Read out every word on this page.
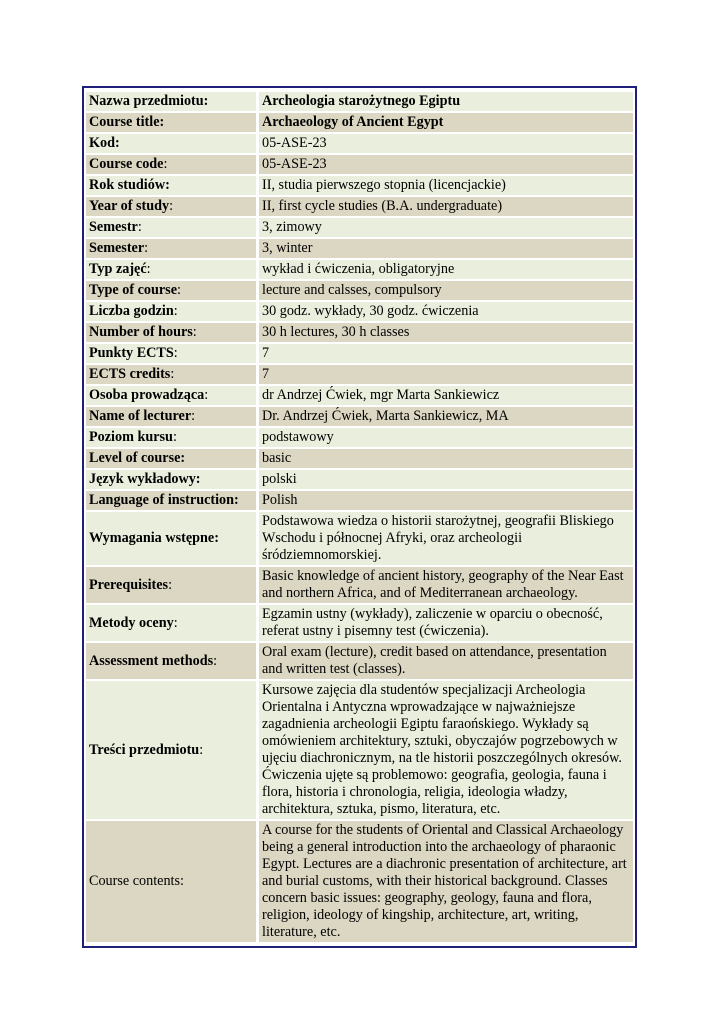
Nazwa przedmiotu:	Archeologia starożytnego Egiptu
Course title:	Archaeology of Ancient Egypt
Kod:	05-ASE-23
Course code:	05-ASE-23
Rok studiów:	II, studia pierwszego stopnia (licencjackie)
Year of study:	II, first cycle studies (B.A. undergraduate)
Semestr:	3, zimowy
Semester:	3, winter
Typ zajęć:	wykład i ćwiczenia, obligatoryjne
Type of course:	lecture and calsses, compulsory
Liczba godzin:	30 godz. wykłady, 30 godz. ćwiczenia
Number of hours:	30 h lectures, 30 h classes
Punkty ECTS:	7
ECTS credits:	7
Osoba prowadząca:	dr Andrzej Ćwiek, mgr Marta Sankiewicz
Name of lecturer:	Dr. Andrzej Ćwiek, Marta Sankiewicz, MA
Poziom kursu:	podstawowy
Level of course:	basic
Język wykładowy:	polski
Language of instruction:	Polish
Wymagania wstępne:	Podstawowa wiedza o historii starożytnej, geografii Bliskiego Wschodu i północnej Afryki, oraz archeologii śródziemnomorskiej.
Prerequisites:	Basic knowledge of ancient history, geography of the Near East and northern Africa, and of Mediterranean archaeology.
Metody oceny:	Egzamin ustny (wykłady), zaliczenie w oparciu o obecność, referat ustny i pisemny test (ćwiczenia).
Assessment methods:	Oral exam (lecture), credit based on attendance, presentation and written test (classes).
Treści przedmiotu:	Kursowe zajęcia dla studentów specjalizacji Archeologia Orientalna i Antyczna wprowadzające w najważniejsze zagadnienia archeologii Egiptu faraońskiego. Wykłady są omówieniem architektury, sztuki, obyczajów pogrzebowych w ujęciu diachronicznym, na tle historii poszczególnych okresów. Ćwiczenia ujęte są problemowo: geografia, geologia, fauna i flora, historia i chronologia, religia, ideologia władzy, architektura, sztuka, pismo, literatura, etc.
Course contents:	A course for the students of Oriental and Classical Archaeology being a general introduction into the archaeology of pharaonic Egypt. Lectures are a diachronic presentation of architecture, art and burial customs, with their historical background. Classes concern basic issues: geography, geology, fauna and flora, religion, ideology of kingship, architecture, art, writing, literature, etc.
